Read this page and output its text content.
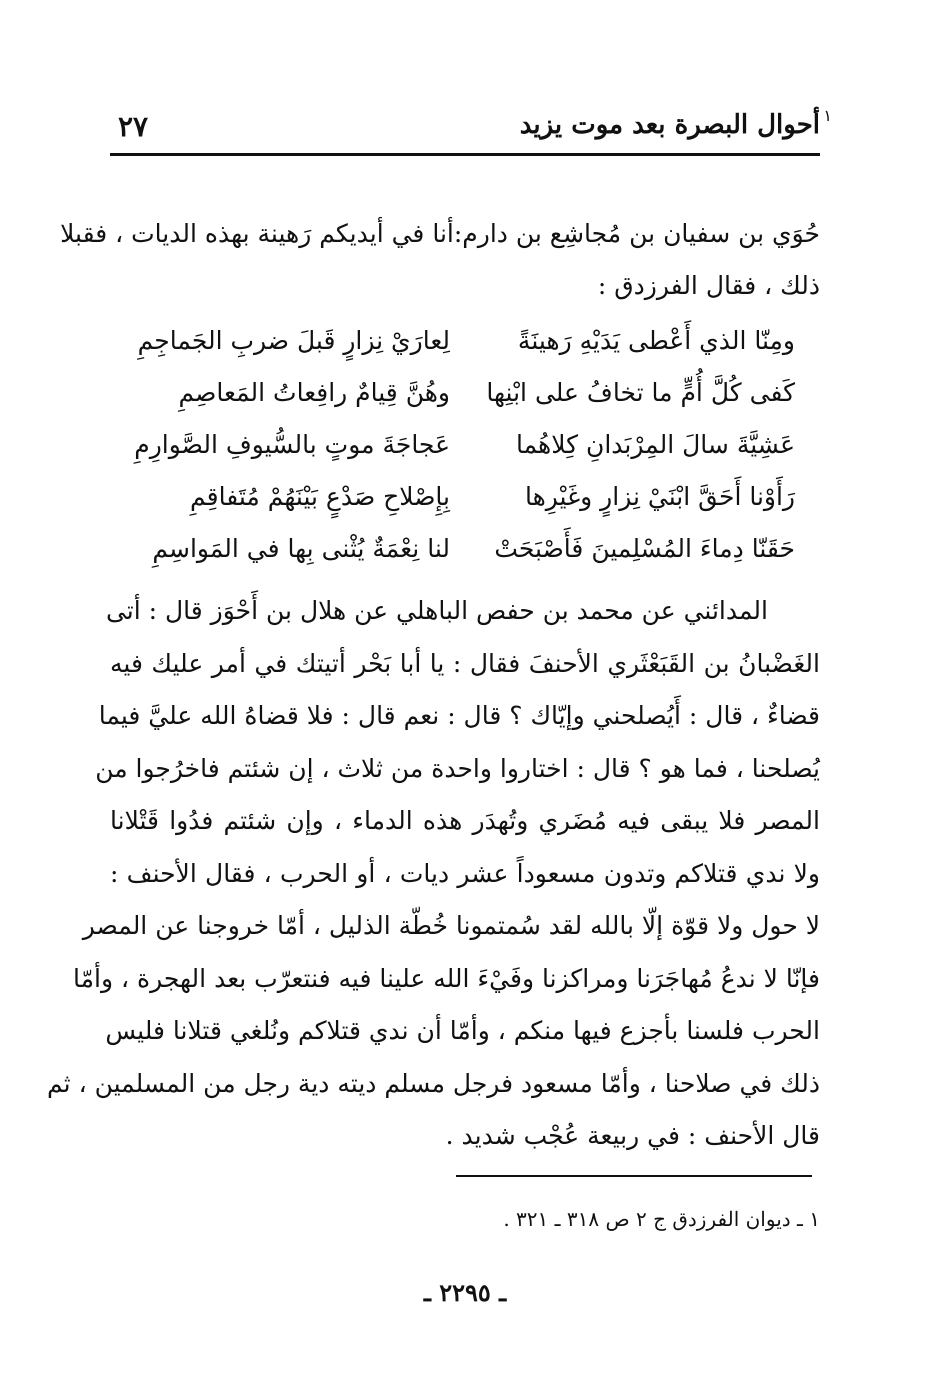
١
أحوال البصرة بعد موت يزيد
٢٧
حُوَي بن سفيان بن مُجاشِع بن دارم:أنا في أيديكم رَهينة بهذه الديات ، فقبلا
ذلك ، فقال الفرزدق :
ومِنّا الذي أَعْطى يَدَيْهِ رَهينَةً
لِعارَيْ نِزارٍ قَبلَ ضربِ الجَماجِمِ
كَفى كُلَّ أُمٍّ ما تخافُ على ابْنِها
وهُنَّ قِيامٌ رافِعاتُ المَعاصِمِ
عَشِيَّةَ سالَ المِرْبَدانِ كِلاهُما
عَجاجَةَ موتٍ بالسُّيوفِ الصَّوارِمِ
رَأَوْنا أَحَقَّ ابْنَيْ نِزارٍ وغَيْرِها
بِإِصْلاحِ صَدْعٍ بَيْنَهُمْ مُتَفاقِمِ
حَقَنّا دِماءَ المُسْلِمينَ فَأَصْبَحَتْ
لنا نِعْمَةٌ يُثْنى بِها في المَواسِمِ
المدائني عن محمد بن حفص الباهلي عن هلال بن أَحْوَز قال : أتى
الغَضْبانُ بن القَبَعْثَري الأحنفَ فقال : يا أبا بَحْر أتيتك في أمر عليك فيه
قضاءٌ ، قال : أَيُصلحني وإيّاك ؟ قال : نعم قال : فلا قضاهُ الله عليَّ فيما
يُصلحنا ، فما هو ؟ قال : اختاروا واحدة من ثلاث ، إن شئتم فاخرُجوا من
المصر فلا يبقى فيه مُضَري وتُهدَر هذه الدماء ، وإن شئتم فدُوا قَتْلانا
ولا ندي قتلاكم وتدون مسعوداً عشر ديات ، أو الحرب ، فقال الأحنف :
لا حول ولا قوّة إلّا بالله لقد سُمتمونا خُطّة الذليل ، أمّا خروجنا عن المصر
فإنّا لا ندعُ مُهاجَرَنا ومراكزنا وفَيْءَ الله علينا فيه فنتعرّب بعد الهجرة ، وأمّا
الحرب فلسنا بأجزع فيها منكم ، وأمّا أن ندي قتلاكم ونُلغي قتلانا فليس
ذلك في صلاحنا ، وأمّا مسعود فرجل مسلم ديته دية رجل من المسلمين ، ثم
قال الأحنف : في ربيعة عُجْب شديد .
١ ـ ديوان الفرزدق ج ٢ ص ٣١٨ ـ ٣٢١ .
ـ ٢٢٩٥ ـ
